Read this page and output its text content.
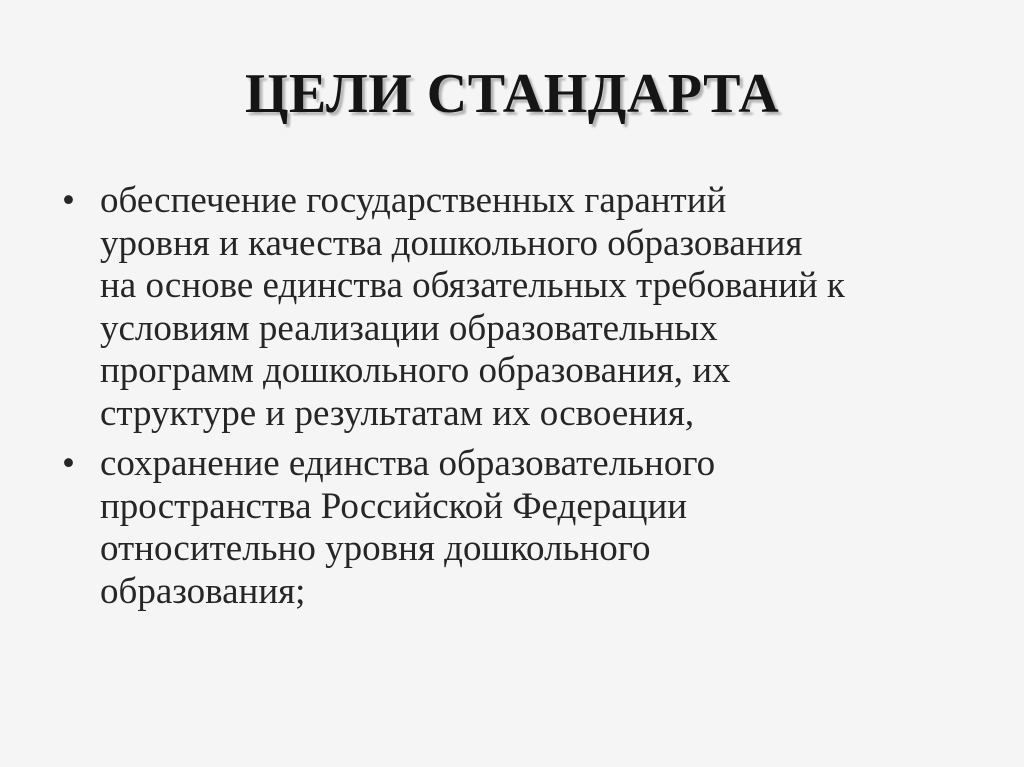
ЦЕЛИ СТАНДАРТА
• обеспечение государственных гарантий
уровня и качества дошкольного образования
на основе единства обязательных требований к
условиям реализации образовательных
программ дошкольного образования, их
структуре и результатам их освоения,
• сохранение единства образовательного
пространства Российской Федерации
относительно уровня дошкольного
образования;
